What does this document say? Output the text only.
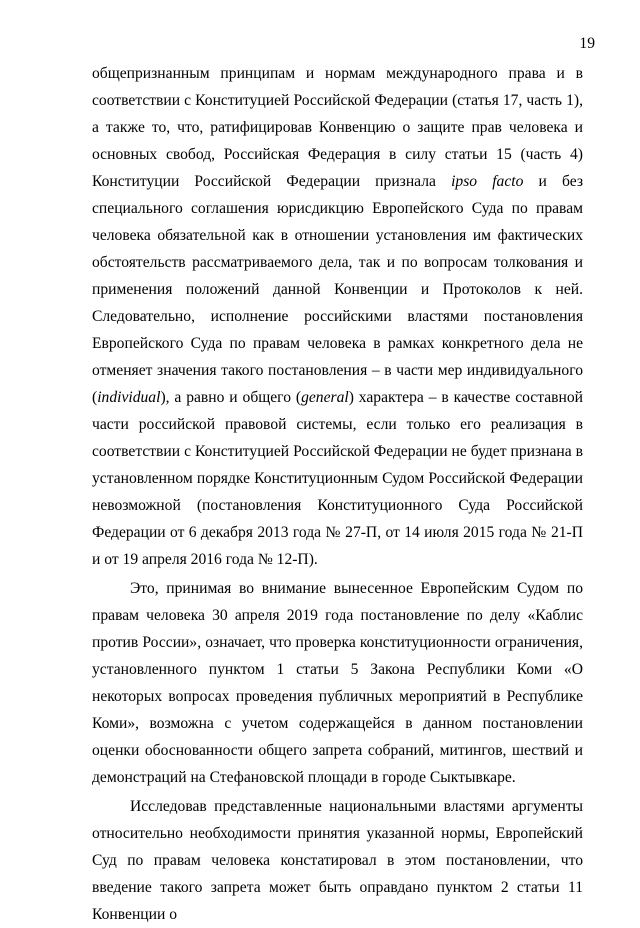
19

общепризнанным принципам и нормам международного права и в соответствии с Конституцией Российской Федерации (статья 17, часть 1), а также то, что, ратифицировав Конвенцию о защите прав человека и основных свобод, Российская Федерация в силу статьи 15 (часть 4) Конституции Российской Федерации признала ipso facto и без специального соглашения юрисдикцию Европейского Суда по правам человека обязательной как в отношении установления им фактических обстоятельств рассматриваемого дела, так и по вопросам толкования и применения положений данной Конвенции и Протоколов к ней. Следовательно, исполнение российскими властями постановления Европейского Суда по правам человека в рамках конкретного дела не отменяет значения такого постановления – в части мер индивидуального (individual), а равно и общего (general) характера – в качестве составной части российской правовой системы, если только его реализация в соответствии с Конституцией Российской Федерации не будет признана в установленном порядке Конституционным Судом Российской Федерации невозможной (постановления Конституционного Суда Российской Федерации от 6 декабря 2013 года № 27-П, от 14 июля 2015 года № 21-П и от 19 апреля 2016 года № 12-П).

Это, принимая во внимание вынесенное Европейским Судом по правам человека 30 апреля 2019 года постановление по делу «Каблис против России», означает, что проверка конституционности ограничения, установленного пунктом 1 статьи 5 Закона Республики Коми «О некоторых вопросах проведения публичных мероприятий в Республике Коми», возможна с учетом содержащейся в данном постановлении оценки обоснованности общего запрета собраний, митингов, шествий и демонстраций на Стефановской площади в городе Сыктывкаре.

Исследовав представленные национальными властями аргументы относительно необходимости принятия указанной нормы, Европейский Суд по правам человека констатировал в этом постановлении, что введение такого запрета может быть оправдано пунктом 2 статьи 11 Конвенции о
